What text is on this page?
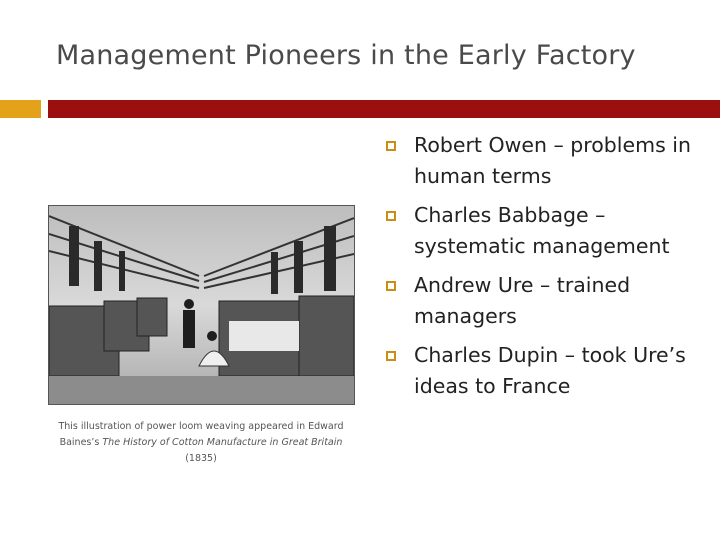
Management Pioneers in the Early Factory
This illustration of power loom weaving appeared in Edward Baines’s The History of Cotton Manufacture in Great Britain (1835)
Robert Owen – problems in human terms
Charles Babbage – systematic management
Andrew Ure – trained managers
Charles Dupin – took Ure’s ideas to France
